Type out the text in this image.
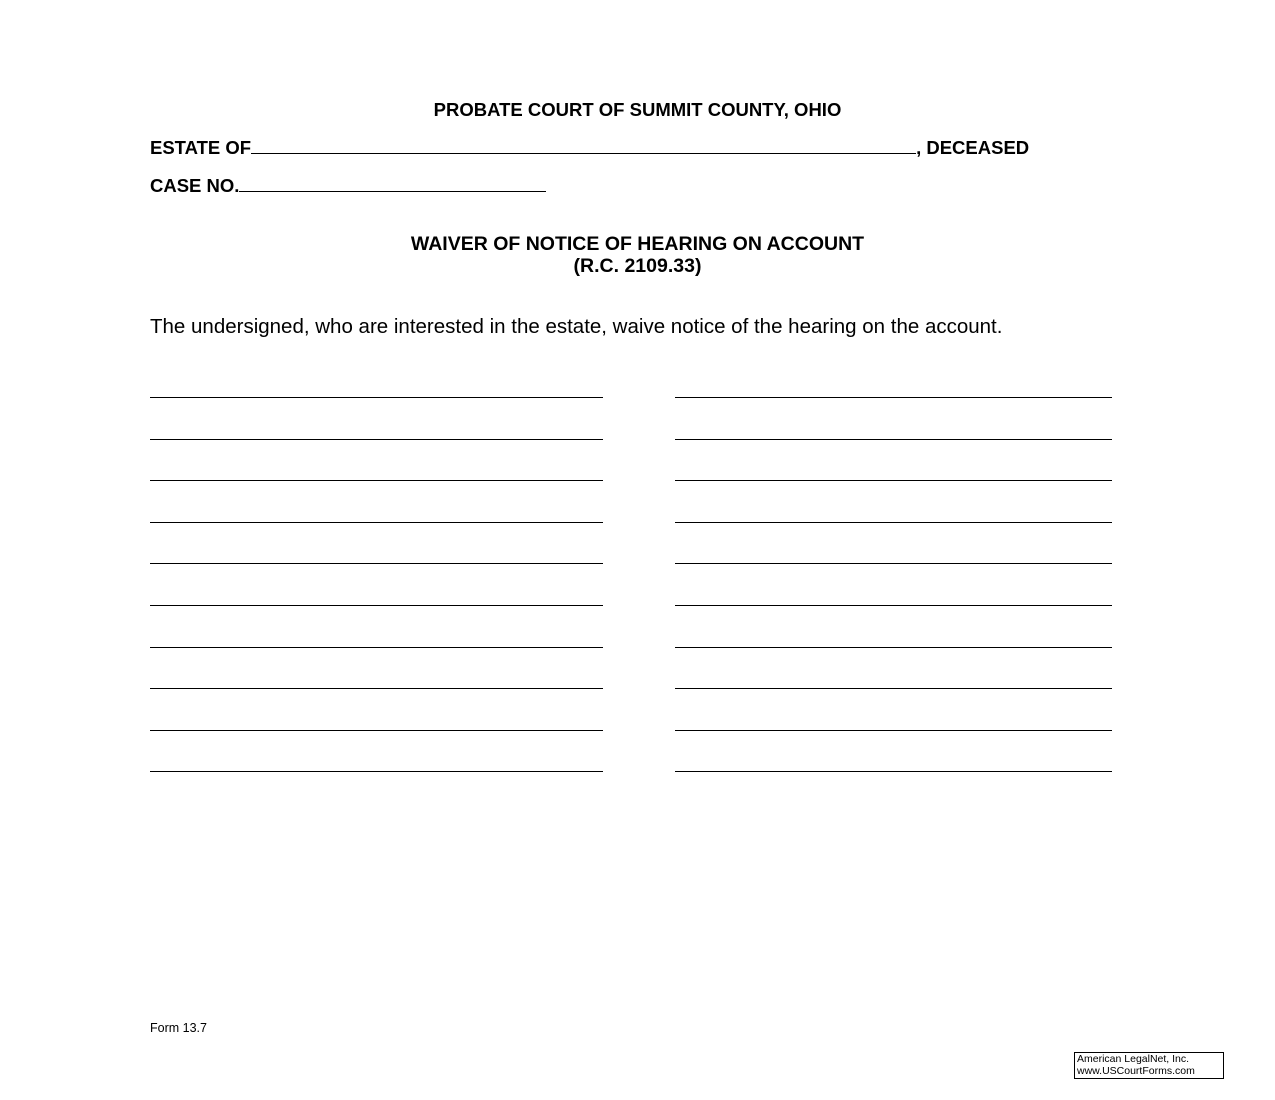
PROBATE COURT OF SUMMIT COUNTY, OHIO
ESTATE OF	, DECEASED
CASE NO.
WAIVER OF NOTICE OF HEARING ON ACCOUNT
(R.C. 2109.33)
The undersigned, who are interested in the estate, waive notice of the hearing on the account.
Form 13.7
American LegalNet, Inc.
www.USCourtForms.com
